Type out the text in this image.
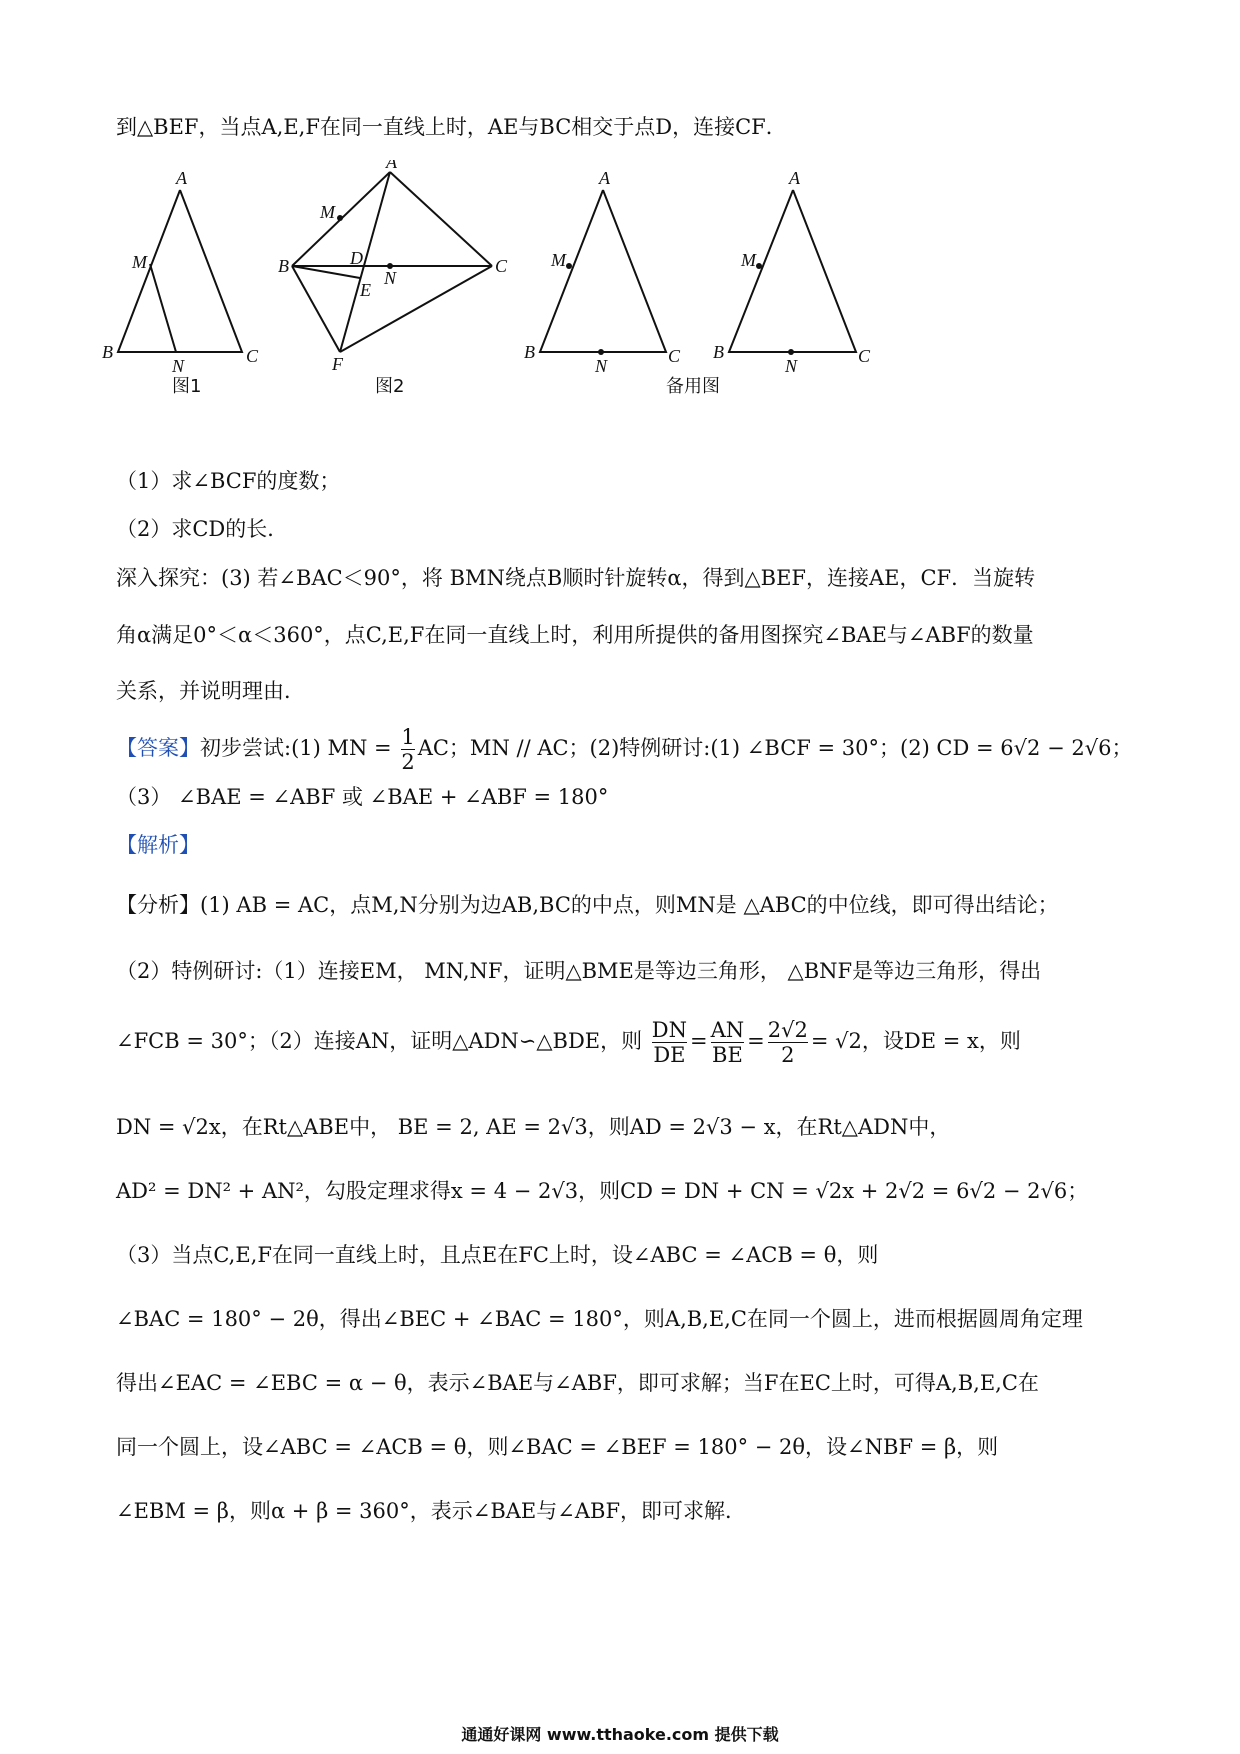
到△BEF，当点A,E,F在同一直线上时，AE与BC相交于点D，连接CF．
A
M
B
N	C
A
M
B	D
N
E
C
F
A
M
B
N	C
A
M
B
N	C
图1	图2	备用图
（1）求∠BCF的度数；
（2）求CD的长．
深入探究：(3) 若∠BAC＜90°，将 BMN绕点B顺时针旋转α，得到△BEF，连接AE，CF．当旋转
角α满足0°＜α＜360°，点C,E,F在同一直线上时，利用所提供的备用图探究∠BAE与∠ABF的数量
关系，并说明理由．
【答案】初步尝试:(1) MN = $\frac{1}{2}$ AC；MN // AC；(2)特例研讨:(1) ∠BCF = 30°；(2) CD = 6√2 − 2√6；
（3） ∠BAE = ∠ABF 或 ∠BAE + ∠ABF = 180°
【解析】
【分析】(1) AB = AC，点M,N分别为边AB,BC的中点，则MN是 △ABC的中位线，即可得出结论；
（2）特例研讨:（1）连接EM， MN,NF，证明△BME是等边三角形， △BNF是等边三角形，得出
∠FCB = 30°；（2）连接AN，证明△ADN∽△BDE，则 $\frac{DN}{DE} = \frac{AN}{BE} = \frac{2√2}{2} = √2$，设DE = x，则
DN = √2x，在Rt△ABE中， BE = 2, AE = 2√3，则AD = 2√3 − x，在Rt△ADN中，
AD² = DN² + AN²，勾股定理求得x = 4 − 2√3，则CD = DN + CN = √2x + 2√2 = 6√2 − 2√6；
（3）当点C,E,F在同一直线上时，且点E在FC上时，设∠ABC = ∠ACB = θ，则
∠BAC = 180° − 2θ，得出∠BEC + ∠BAC = 180°，则A,B,E,C在同一个圆上，进而根据圆周角定理
得出∠EAC = ∠EBC = α − θ，表示∠BAE与∠ABF，即可求解；当F在EC上时，可得A,B,E,C在
同一个圆上，设∠ABC = ∠ACB = θ，则∠BAC = ∠BEF = 180° − 2θ，设∠NBF = β，则
∠EBM = β，则α + β = 360°，表示∠BAE与∠ABF，即可求解．
通通好课网 www.tthaoke.com 提供下载
